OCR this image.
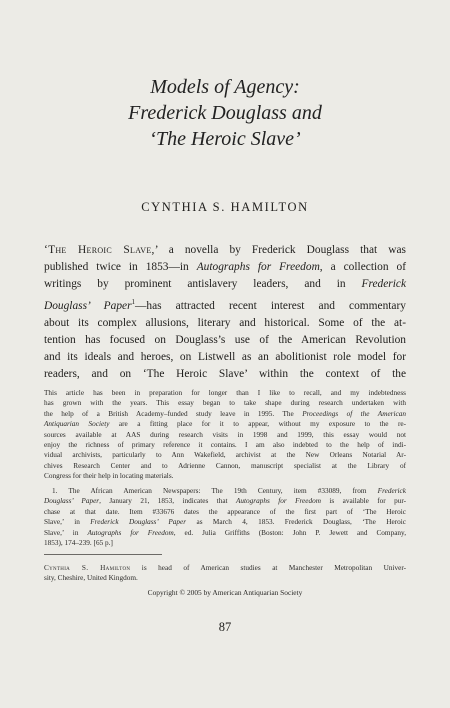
Models of Agency:
Frederick Douglass and
‘The Heroic Slave’
CYNTHIA S. HAMILTON
‘The Heroic Slave,’ a novella by Frederick Douglass that was
published twice in 1853—in Autographs for Freedom, a collection of
writings by prominent antislavery leaders, and in Frederick
Douglass’ Paper$^1$—has attracted recent interest and commentary
about its complex allusions, literary and historical. Some of the at-
tention has focused on Douglass’s use of the American Revolution
and its ideals and heroes, on Listwell as an abolitionist role model for
readers, and on ‘The Heroic Slave’ within the context of the
This article has been in preparation for longer than I like to recall, and my indebtedness
has grown with the years. This essay began to take shape during research undertaken with
the help of a British Academy–funded study leave in 1995. The Proceedings of the American
Antiquarian Society are a fitting place for it to appear, without my exposure to the re-
sources available at AAS during research visits in 1998 and 1999, this essay would not
enjoy the richness of primary reference it contains. I am also indebted to the help of indi-
vidual archivists, particularly to Ann Wakefield, archivist at the New Orleans Notarial Ar-
chives Research Center and to Adrienne Cannon, manuscript specialist at the Library of
Congress for their help in locating materials.
1. The African American Newspapers: The 19th Century, item #33089, from Frederick
Douglass’ Paper, January 21, 1853, indicates that Autographs for Freedom is available for pur-
chase at that date. Item #33676 dates the appearance of the first part of ‘The Heroic
Slave,’ in Frederick Douglass’ Paper as March 4, 1853. Frederick Douglass, ‘The Heroic
Slave,’ in Autographs for Freedom, ed. Julia Griffiths (Boston: John P. Jewett and Company,
1853), 174–239. [65 p.]
Cynthia S. Hamilton is head of American studies at Manchester Metropolitan Univer-
sity, Cheshire, United Kingdom.
Copyright © 2005 by American Antiquarian Society
87
